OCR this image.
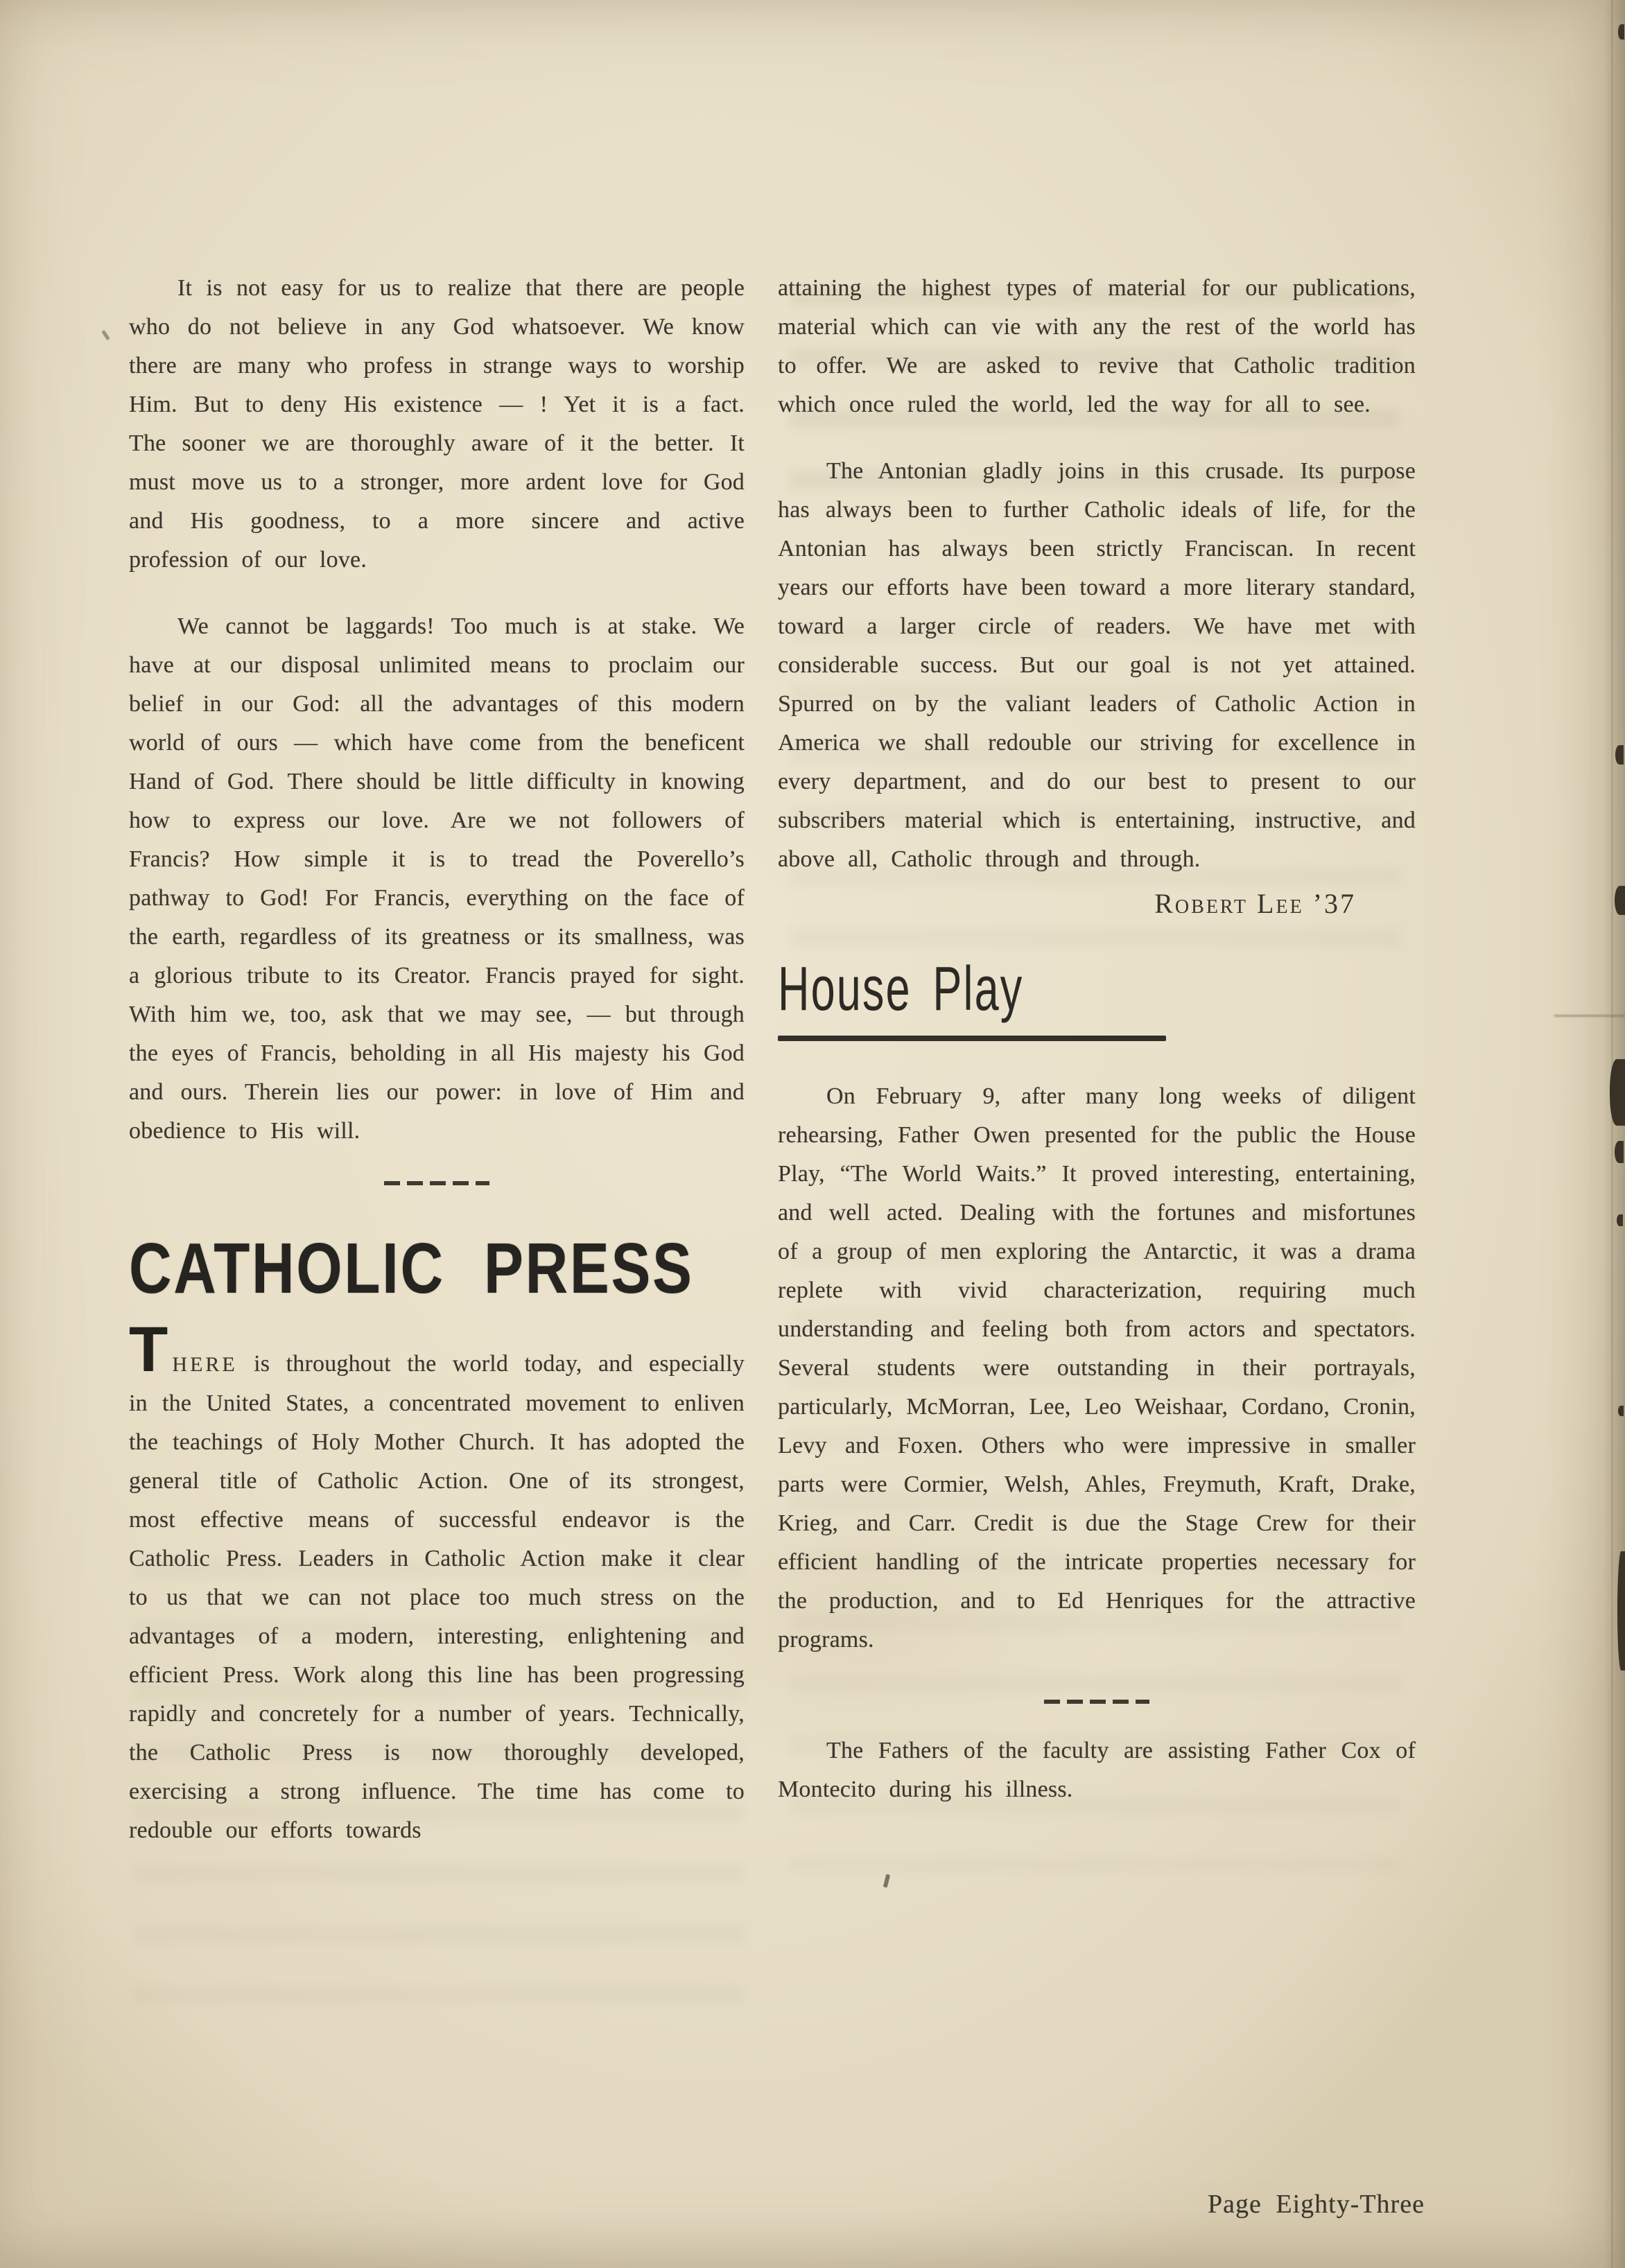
It is not easy for us to realize that there are people who do not believe in any God whatsoever. We know there are many who profess in strange ways to worship Him. But to deny His existence — ! Yet it is a fact. The sooner we are thoroughly aware of it the better. It must move us to a stronger, more ardent love for God and His goodness, to a more sincere and active profession of our love.

We cannot be laggards! Too much is at stake. We have at our disposal unlimited means to proclaim our belief in our God: all the advantages of this modern world of ours — which have come from the beneficent Hand of God. There should be little difficulty in knowing how to express our love. Are we not followers of Francis? How simple it is to tread the Poverello’s pathway to God! For Francis, everything on the face of the earth, regardless of its greatness or its smallness, was a glorious tribute to its Creator. Francis prayed for sight. With him we, too, ask that we may see, — but through the eyes of Francis, beholding in all His majesty his God and ours. Therein lies our power: in love of Him and obedience to His will.

CATHOLIC PRESS

THERE is throughout the world today, and especially in the United States, a concentrated movement to enliven the teachings of Holy Mother Church. It has adopted the general title of Catholic Action. One of its strongest, most effective means of successful endeavor is the Catholic Press. Leaders in Catholic Action make it clear to us that we can not place too much stress on the advantages of a modern, interesting, enlightening and efficient Press. Work along this line has been progressing rapidly and concretely for a number of years. Technically, the Catholic Press is now thoroughly developed, exercising a strong influence. The time has come to redouble our efforts towards

attaining the highest types of material for our publications, material which can vie with any the rest of the world has to offer. We are asked to revive that Catholic tradition which once ruled the world, led the way for all to see.

The Antonian gladly joins in this crusade. Its purpose has always been to further Catholic ideals of life, for the Antonian has always been strictly Franciscan. In recent years our efforts have been toward a more literary standard, toward a larger circle of readers. We have met with considerable success. But our goal is not yet attained. Spurred on by the valiant leaders of Catholic Action in America we shall redouble our striving for excellence in every department, and do our best to present to our subscribers material which is entertaining, instructive, and above all, Catholic through and through.

Robert Lee ’37
House Play

On February 9, after many long weeks of diligent rehearsing, Father Owen presented for the public the House Play, “The World Waits.” It proved interesting, entertaining, and well acted. Dealing with the fortunes and misfortunes of a group of men exploring the Antarctic, it was a drama replete with vivid characterization, requiring much understanding and feeling both from actors and spectators. Several students were outstanding in their portrayals, particularly, McMorran, Lee, Leo Weishaar, Cordano, Cronin, Levy and Foxen. Others who were impressive in smaller parts were Cormier, Welsh, Ahles, Freymuth, Kraft, Drake, Krieg, and Carr. Credit is due the Stage Crew for their efficient handling of the intricate properties necessary for the production, and to Ed Henriques for the attractive programs.

The Fathers of the faculty are assisting Father Cox of Montecito during his illness.

Page Eighty-Three
